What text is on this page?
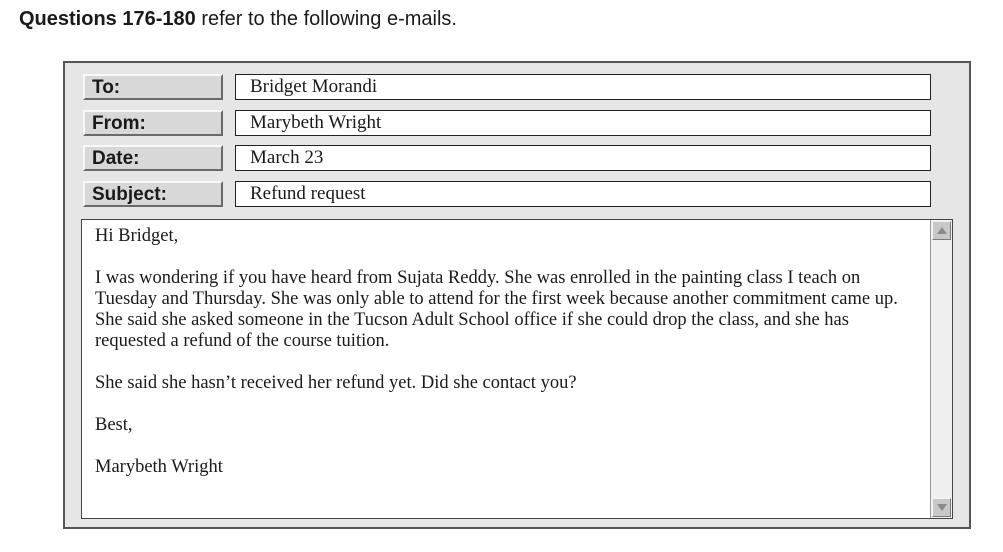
Questions 176-180 refer to the following e-mails.
To:	Bridget Morandi
From:	Marybeth Wright
Date:	March 23
Subject:	Refund request

Hi Bridget,

I was wondering if you have heard from Sujata Reddy. She was enrolled in the painting class I teach on Tuesday and Thursday. She was only able to attend for the first week because another commitment came up. She said she asked someone in the Tucson Adult School office if she could drop the class, and she has requested a refund of the course tuition.

She said she hasn’t received her refund yet. Did she contact you?

Best,

Marybeth Wright
